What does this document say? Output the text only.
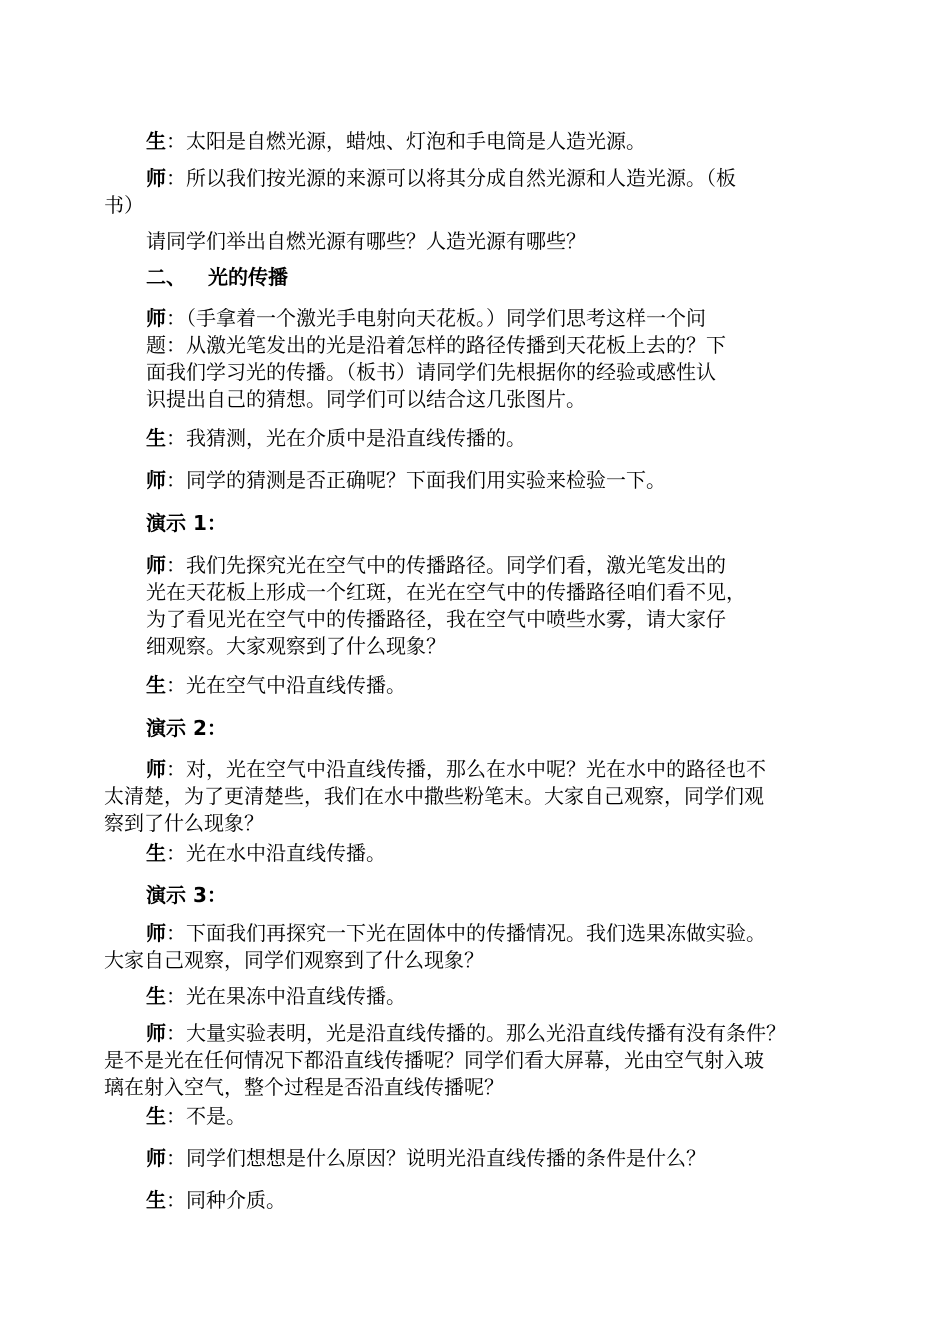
生：太阳是自燃光源，蜡烛、灯泡和手电筒是人造光源。
师：所以我们按光源的来源可以将其分成自然光源和人造光源。（板
书）
请同学们举出自燃光源有哪些？人造光源有哪些？
二、 光的传播
师：（手拿着一个激光手电射向天花板。）同学们思考这样一个问
题：从激光笔发出的光是沿着怎样的路径传播到天花板上去的？下
面我们学习光的传播。（板书）请同学们先根据你的经验或感性认
识提出自己的猜想。同学们可以结合这几张图片。
生：我猜测，光在介质中是沿直线传播的。
师：同学的猜测是否正确呢？下面我们用实验来检验一下。
演示 1：
师：我们先探究光在空气中的传播路径。同学们看，激光笔发出的
光在天花板上形成一个红斑，在光在空气中的传播路径咱们看不见，
为了看见光在空气中的传播路径，我在空气中喷些水雾，请大家仔
细观察。大家观察到了什么现象？
生：光在空气中沿直线传播。
演示 2：
师：对，光在空气中沿直线传播，那么在水中呢？光在水中的路径也不
太清楚，为了更清楚些，我们在水中撒些粉笔末。大家自己观察，同学们观
察到了什么现象？
生：光在水中沿直线传播。
演示 3：
师：下面我们再探究一下光在固体中的传播情况。我们选果冻做实验。
大家自己观察，同学们观察到了什么现象？
生：光在果冻中沿直线传播。
师：大量实验表明，光是沿直线传播的。那么光沿直线传播有没有条件？
是不是光在任何情况下都沿直线传播呢？同学们看大屏幕，光由空气射入玻
璃在射入空气，整个过程是否沿直线传播呢？
生：不是。
师：同学们想想是什么原因？说明光沿直线传播的条件是什么？
生：同种介质。
